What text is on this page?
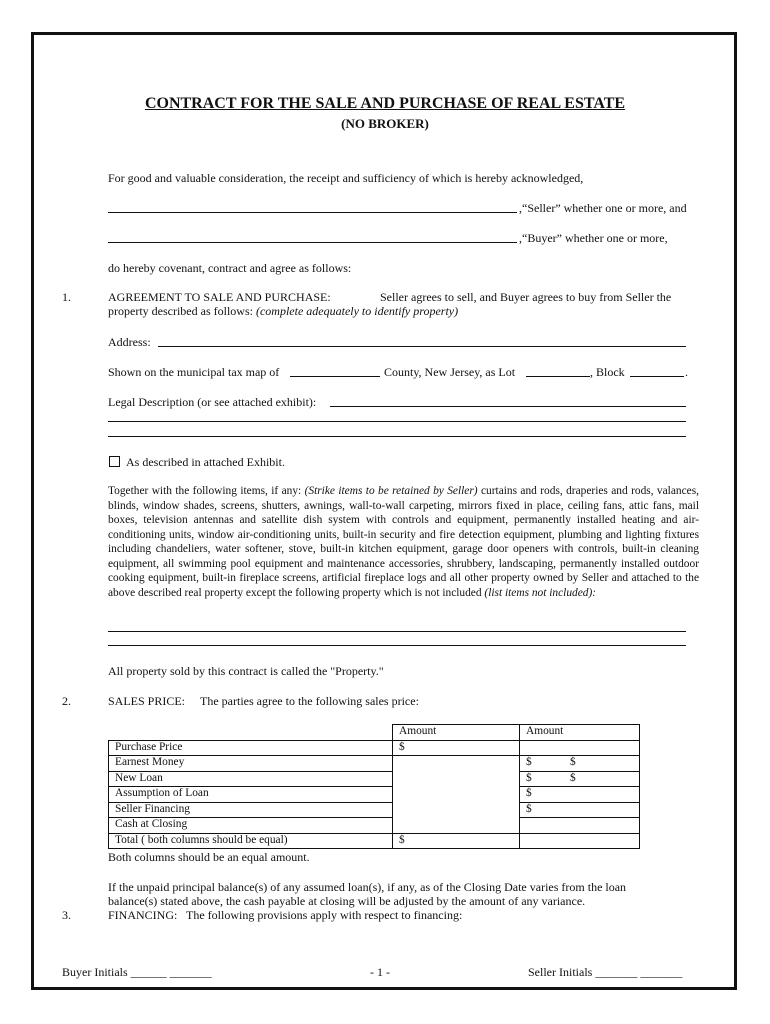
CONTRACT FOR THE SALE AND PURCHASE OF REAL ESTATE
(NO BROKER)
For good and valuable consideration, the receipt and sufficiency of which is hereby acknowledged,
,“Seller” whether one or more, and
,“Buyer” whether one or more,
do hereby covenant, contract and agree as follows:
1.	AGREEMENT TO SALE AND PURCHASE:	Seller agrees to sell, and Buyer agrees to buy from Seller the
property described as follows: (complete adequately to identify property)
Address:
Shown on the municipal tax map of	County, New Jersey, as Lot	, Block	.
Legal Description (or see attached exhibit):
As described in attached Exhibit.
Together with the following items, if any: (Strike items to be retained by Seller) curtains and rods, draperies and rods, valances, blinds, window shades, screens, shutters, awnings, wall-to-wall carpeting, mirrors fixed in place, ceiling fans, attic fans, mail boxes, television antennas and satellite dish system with controls and equipment, permanently installed heating and air-conditioning units, window air-conditioning units, built-in security and fire detection equipment, plumbing and lighting fixtures including chandeliers, water softener, stove, built-in kitchen equipment, garage door openers with controls, built-in cleaning equipment, all swimming pool equipment and maintenance accessories, shrubbery, landscaping, permanently installed outdoor cooking equipment, built-in fireplace screens, artificial fireplace logs and all other property owned by Seller and attached to the above described real property except the following property which is not included (list items not included):
All property sold by this contract is called the "Property."
2.	SALES PRICE: The parties agree to the following sales price:
	Amount	Amount
Purchase Price	$	
Earnest Money		$ $
New Loan		$ $
Assumption of Loan		$
Seller Financing		$
Cash at Closing		
Total ( both columns should be equal)	$	
Both columns should be an equal amount.
If the unpaid principal balance(s) of any assumed loan(s), if any, as of the Closing Date varies from the loan
balance(s) stated above, the cash payable at closing will be adjusted by the amount of any variance.
3.	FINANCING: The following provisions apply with respect to financing:
Buyer Initials ______ _______	- 1 -	Seller Initials _______ _______
